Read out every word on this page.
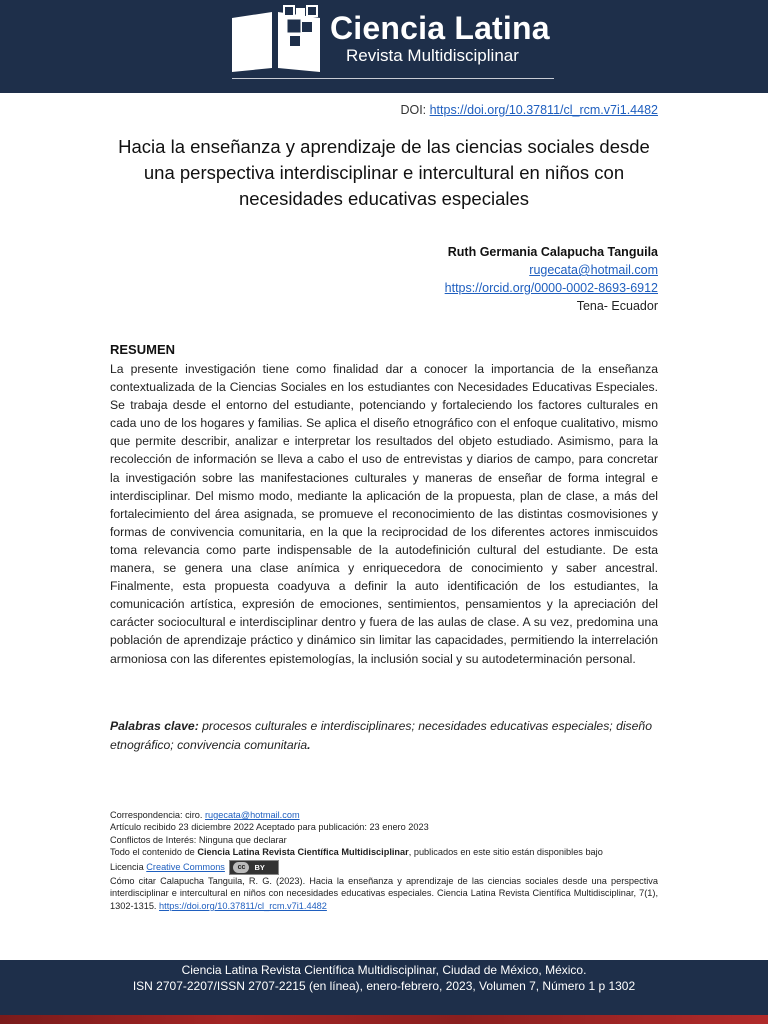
Ciencia Latina
Revista Multidisciplinar
DOI: https://doi.org/10.37811/cl_rcm.v7i1.4482
Hacia la enseñanza y aprendizaje de las ciencias sociales desde una perspectiva interdisciplinar e intercultural en niños con necesidades educativas especiales
Ruth Germania Calapucha Tanguila
rugecata@hotmail.com
https://orcid.org/0000-0002-8693-6912
Tena- Ecuador
RESUMEN
La presente investigación tiene como finalidad dar a conocer la importancia de la enseñanza contextualizada de la Ciencias Sociales en los estudiantes con Necesidades Educativas Especiales. Se trabaja desde el entorno del estudiante, potenciando y fortaleciendo los factores culturales en cada uno de los hogares y familias. Se aplica el diseño etnográfico con el enfoque cualitativo, mismo que permite describir, analizar e interpretar los resultados del objeto estudiado. Asimismo, para la recolección de información se lleva a cabo el uso de entrevistas y diarios de campo, para concretar la investigación sobre las manifestaciones culturales y maneras de enseñar de forma integral e interdisciplinar. Del mismo modo, mediante la aplicación de la propuesta, plan de clase, a más del fortalecimiento del área asignada, se promueve el reconocimiento de las distintas cosmovisiones y formas de convivencia comunitaria, en la que la reciprocidad de los diferentes actores inmiscuidos toma relevancia como parte indispensable de la autodefinición cultural del estudiante. De esta manera, se genera una clase anímica y enriquecedora de conocimiento y saber ancestral. Finalmente, esta propuesta coadyuva a definir la auto identificación de los estudiantes, la comunicación artística, expresión de emociones, sentimientos, pensamientos y la apreciación del carácter sociocultural e interdisciplinar dentro y fuera de las aulas de clase. A su vez, predomina una población de aprendizaje práctico y dinámico sin limitar las capacidades, permitiendo la interrelación armoniosa con las diferentes epistemologías, la inclusión social y su autodeterminación personal.
Palabras clave: procesos culturales e interdisciplinares; necesidades educativas especiales; diseño etnográfico; convivencia comunitaria.
Correspondencia: ciro. rugecata@hotmail.com
Artículo recibido 23 diciembre 2022 Aceptado para publicación: 23 enero 2023
Conflictos de Interés: Ninguna que declarar
Todo el contenido de Ciencia Latina Revista Científica Multidisciplinar, publicados en este sitio están disponibles bajo
Licencia Creative Commons	cc	BY
Cómo citar Calapucha Tanguila, R. G. (2023). Hacia la enseñanza y aprendizaje de las ciencias sociales desde una perspectiva interdisciplinar e intercultural en niños con necesidades educativas especiales. Ciencia Latina Revista Científica Multidisciplinar, 7(1), 1302-1315. https://doi.org/10.37811/cl_rcm.v7i1.4482
Ciencia Latina Revista Científica Multidisciplinar, Ciudad de México, México.
ISN 2707-2207/ISSN 2707-2215 (en línea), enero-febrero, 2023, Volumen 7, Número 1 p 1302
